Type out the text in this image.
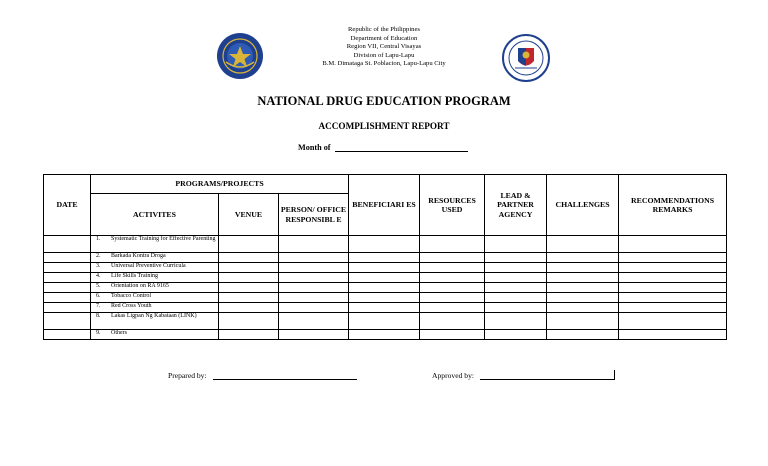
Republic of the Philippines
Department of Education
Region VII, Central Visayas
Division of Lapu-Lapu
B.M. Dimataga St. Poblacion, Lapu-Lapu City
NATIONAL DRUG EDUCATION PROGRAM
ACCOMPLISHMENT REPORT
Month of
DATE	PROGRAMS/PROJECTS			BENEFICIARI ES	RESOURCES USED	LEAD & PARTNER AGENCY	CHALLENGES	RECOMMENDATIONS REMARKS
	ACTIVITES	VENUE	PERSON/ OFFICE RESPONSIBL E					

	1. Systematic Training for Effective Parenting							

	2. Barkada Kontra Droga							

	3. Universal Preventive Curricula							

	4. Life Skills Training							

	5. Orientation on RA 9165							

	6. Tobacco Control							

	7. Red Cross Youth							

	8. Lakas Ligpan Ng Kabataan (LINK)							

	9. Others							

Prepared by:	Approved by:
